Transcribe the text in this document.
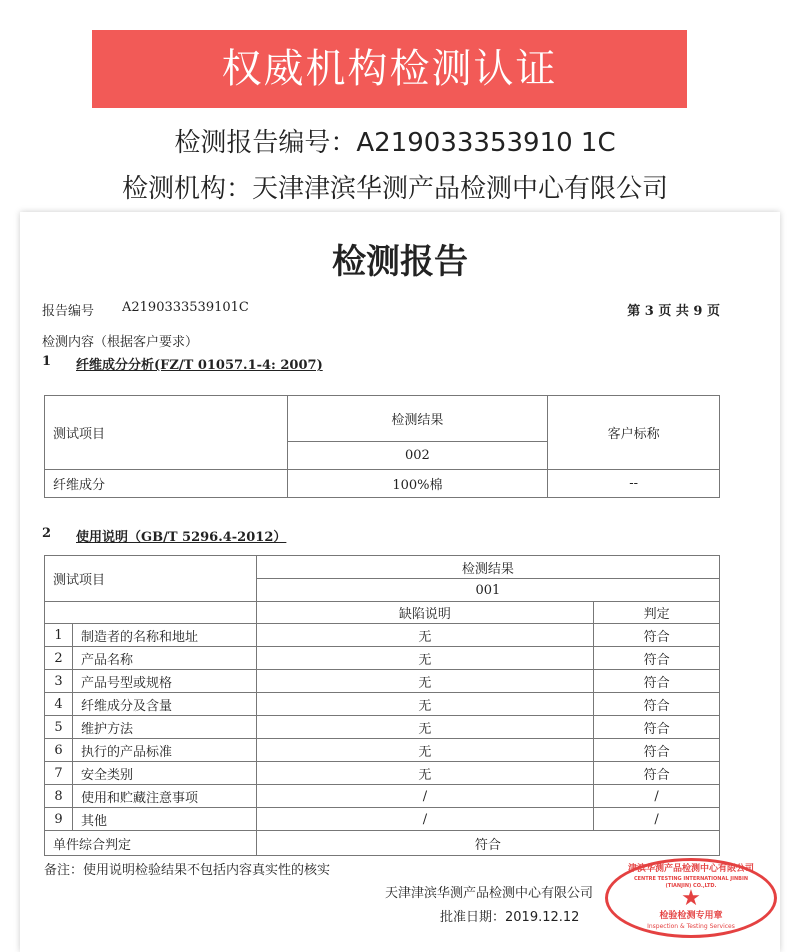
权威机构检测认证
检测报告编号：A219033353910 1C
检测机构：天津津滨华测产品检测中心有限公司
检测报告
报告编号 A2190333539101C	第 3 页 共 9 页
检测内容（根据客户要求）
1 纤维成分分析(FZ/T 01057.1-4: 2007)
测试项目	检测结果	客户标称
	002	
纤维成分	100%棉	--
2 使用说明（GB/T 5296.4-2012）
测试项目		检测结果	
		001	
		缺陷说明	判定
1	制造者的名称和地址	无	符合
2	产品名称	无	符合
3	产品号型或规格	无	符合
4	纤维成分及含量	无	符合
5	维护方法	无	符合
6	执行的产品标准	无	符合
7	安全类别	无	符合
8	使用和贮藏注意事项	/	/
9	其他	/	/
单件综合判定		符合	
备注：使用说明检验结果不包括内容真实性的核实
天津津滨华测产品检测中心有限公司
批准日期：2019.12.12
津滨华测产品检测中心有限公司
CENTRE TESTING INTERNATIONAL JINBIN (TIANJIN) CO.,LTD.
★
检验检测专用章
Inspection & Testing Services
